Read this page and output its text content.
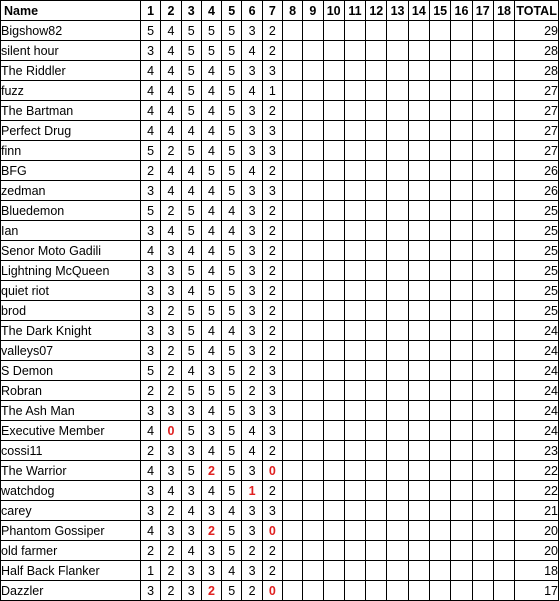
Name	1	2	3	4	5	6	7	8	9	10	11	12	13	14	15	16	17	18	TOTAL
Bigshow82	5	4	5	5	5	3	2												29
silent hour	3	4	5	5	5	4	2												28
The Riddler	4	4	5	4	5	3	3												28
fuzz	4	4	5	4	5	4	1												27
The Bartman	4	4	5	4	5	3	2												27
Perfect Drug	4	4	4	4	5	3	3												27
finn	5	2	5	4	5	3	3												27
BFG	2	4	4	5	5	4	2												26
zedman	3	4	4	4	5	3	3												26
Bluedemon	5	2	5	4	4	3	2												25
Ian	3	4	5	4	4	3	2												25
Senor Moto Gadili	4	3	4	4	5	3	2												25
Lightning McQueen	3	3	5	4	5	3	2												25
quiet riot	3	3	4	5	5	3	2												25
brod	3	2	5	5	5	3	2												25
The Dark Knight	3	3	5	4	4	3	2												24
valleys07	3	2	5	4	5	3	2												24
S Demon	5	2	4	3	5	2	3												24
Robran	2	2	5	5	5	2	3												24
The Ash Man	3	3	3	4	5	3	3												24
Executive Member	4	0	5	3	5	4	3												24
cossi11	2	3	3	4	5	4	2												23
The Warrior	4	3	5	2	5	3	0												22
watchdog	3	4	3	4	5	1	2												22
carey	3	2	4	3	4	3	3												21
Phantom Gossiper	4	3	3	2	5	3	0												20
old farmer	2	2	4	3	5	2	2												20
Half Back Flanker	1	2	3	3	4	3	2												18
Dazzler	3	2	3	2	5	2	0												17
